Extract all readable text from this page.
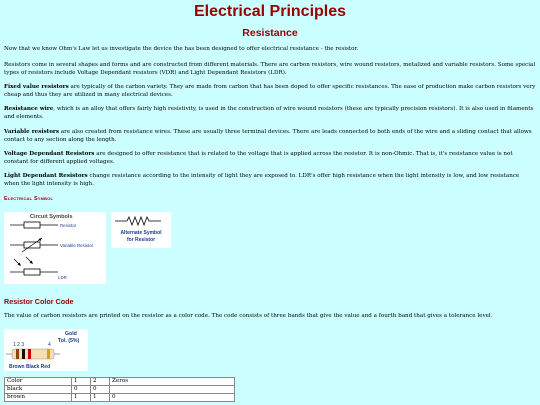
Electrical Principles
Resistance

Now that we know Ohm's Law let us investigate the device the has been designed to offer electrical resistance - the resistor.

Resistors come in several shapes and forms and are constructed from different materials. There are carbon resistors, wire wound resistors, metalized and variable resistors. Some special types of resistors include Voltage Dependant resistors (VDR) and Light Dependant Resistors (LDR).

Fixed value resistors are typically of the carbon variety. They are made from carbon that has been doped to offer specific resistances. The ease of production make carbon resistors very cheap and thus they are utilized in many electrical devices.

Resistance wire, which is an alloy that offers fairly high resistivity, is used in the construction of wire wound resistors (these are typically precision resistors). It is also used in filaments and elements.

Variable resistors are also created from resistance wires. These are usually three terminal devices. There are leads connected to both ends of the wire and a sliding contact that allows contact to any section along the length.

Voltage Dependant Resistors are designed to offer resistance that is related to the voltage that is applied across the resistor. It is non-Ohmic. That is, it's resistance value is not constant for different applied voltages.

Light Dependant Resistors change resistance according to the intensity of light they are exposed to. LDR's offer high resistance when the light intensity is low, and low resistance when the light intensity is high.

Electrical Symbol
Circuit Symbols
Resistor
Variable Resistor
LDR
Alternate Symbol
for Resistor
Resistor Color Code

The value of carbon resistors are printed on the resistor as a color code. The code consists of three bands that give the value and a fourth band that gives a tolerance level.

Gold
Tol. (5%)
1 2 3	4
Brown Black Red
Color	1	2	Zeros
black	0	0	
brown	1	1	0
